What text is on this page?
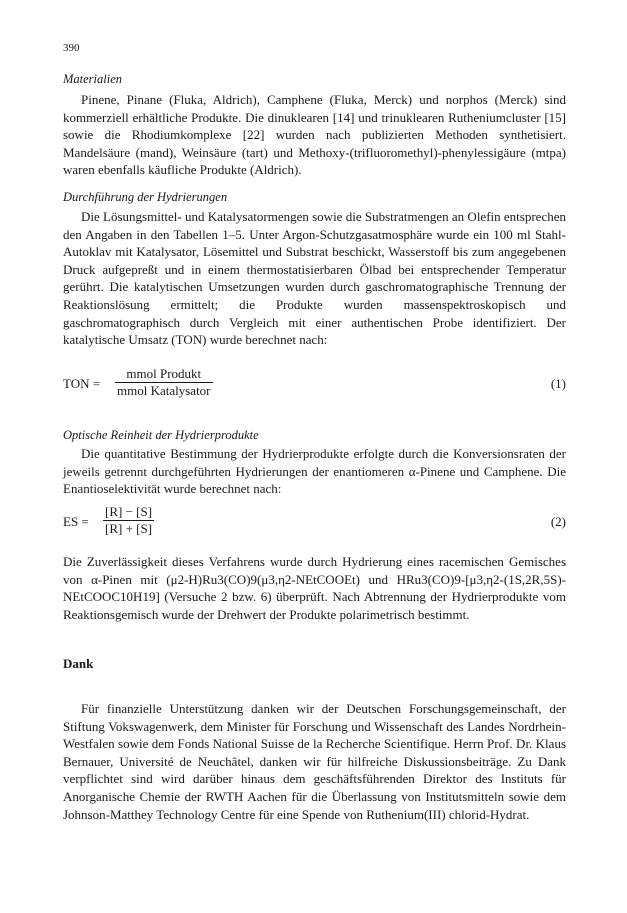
390
Materialien
Pinene, Pinane (Fluka, Aldrich), Camphene (Fluka, Merck) und norphos (Merck) sind kommerziell erhältliche Produkte. Die dinuklearen [14] und trinuklearen Rutheniumcluster [15] sowie die Rhodiumkomplexe [22] wurden nach publizierten Methoden synthetisiert. Mandelsäure (mand), Weinsäure (tart) und Methoxy-(trifluoromethyl)-phenylessigäure (mtpa) waren ebenfalls käufliche Produkte (Aldrich).
Durchführung der Hydrierungen
Die Lösungsmittel- und Katalysatormengen sowie die Substratmengen an Olefin entsprechen den Angaben in den Tabellen 1–5. Unter Argon-Schutzgasatmosphäre wurde ein 100 ml Stahl-Autoklav mit Katalysator, Lösemittel und Substrat beschickt, Wasserstoff bis zum angegebenen Druck aufgepreßt und in einem thermostatisierbaren Ölbad bei entsprechender Temperatur gerührt. Die katalytischen Umsetzungen wurden durch gaschromatographische Trennung der Reaktionslösung ermittelt; die Produkte wurden massenspektroskopisch und gaschromatographisch durch Vergleich mit einer authentischen Probe identifiziert. Der katalytische Umsatz (TON) wurde berechnet nach:
TON =
mmol Produkt
mmol Katalysator	(1)
Optische Reinheit der Hydrierprodukte
Die quantitative Bestimmung der Hydrierprodukte erfolgte durch die Konversionsraten der jeweils getrennt durchgeführten Hydrierungen der enantiomeren α-Pinene und Camphene. Die Enantioselektivität wurde berechnet nach:
ES = $\frac{[R] - [S]}{[R] + [S]}$	(2)
Die Zuverlässigkeit dieses Verfahrens wurde durch Hydrierung eines racemischen Gemisches von α-Pinen mit (μ2-H)Ru3(CO)9(μ3,η2-NEtCOOEt) und HRu3(CO)9-[μ3,η2-(1S,2R,5S)-NEtCOOC10H19] (Versuche 2 bzw. 6) überprüft. Nach Abtrennung der Hydrierprodukte vom Reaktionsgemisch wurde der Drehwert der Produkte polarimetrisch bestimmt.
Dank
Für finanzielle Unterstützung danken wir der Deutschen Forschungsgemeinschaft, der Stiftung Vokswagenwerk, dem Minister für Forschung und Wissenschaft des Landes Nordrhein-Westfalen sowie dem Fonds National Suisse de la Recherche Scientifique. Herrn Prof. Dr. Klaus Bernauer, Université de Neuchâtel, danken wir für hilfreiche Diskussionsbeiträge. Zu Dank verpflichtet sind wird darüber hinaus dem geschäftsführenden Direktor des Instituts für Anorganische Chemie der RWTH Aachen für die Überlassung von Institutsmitteln sowie dem Johnson-Matthey Technology Centre für eine Spende von Ruthenium(III) chlorid-Hydrat.
